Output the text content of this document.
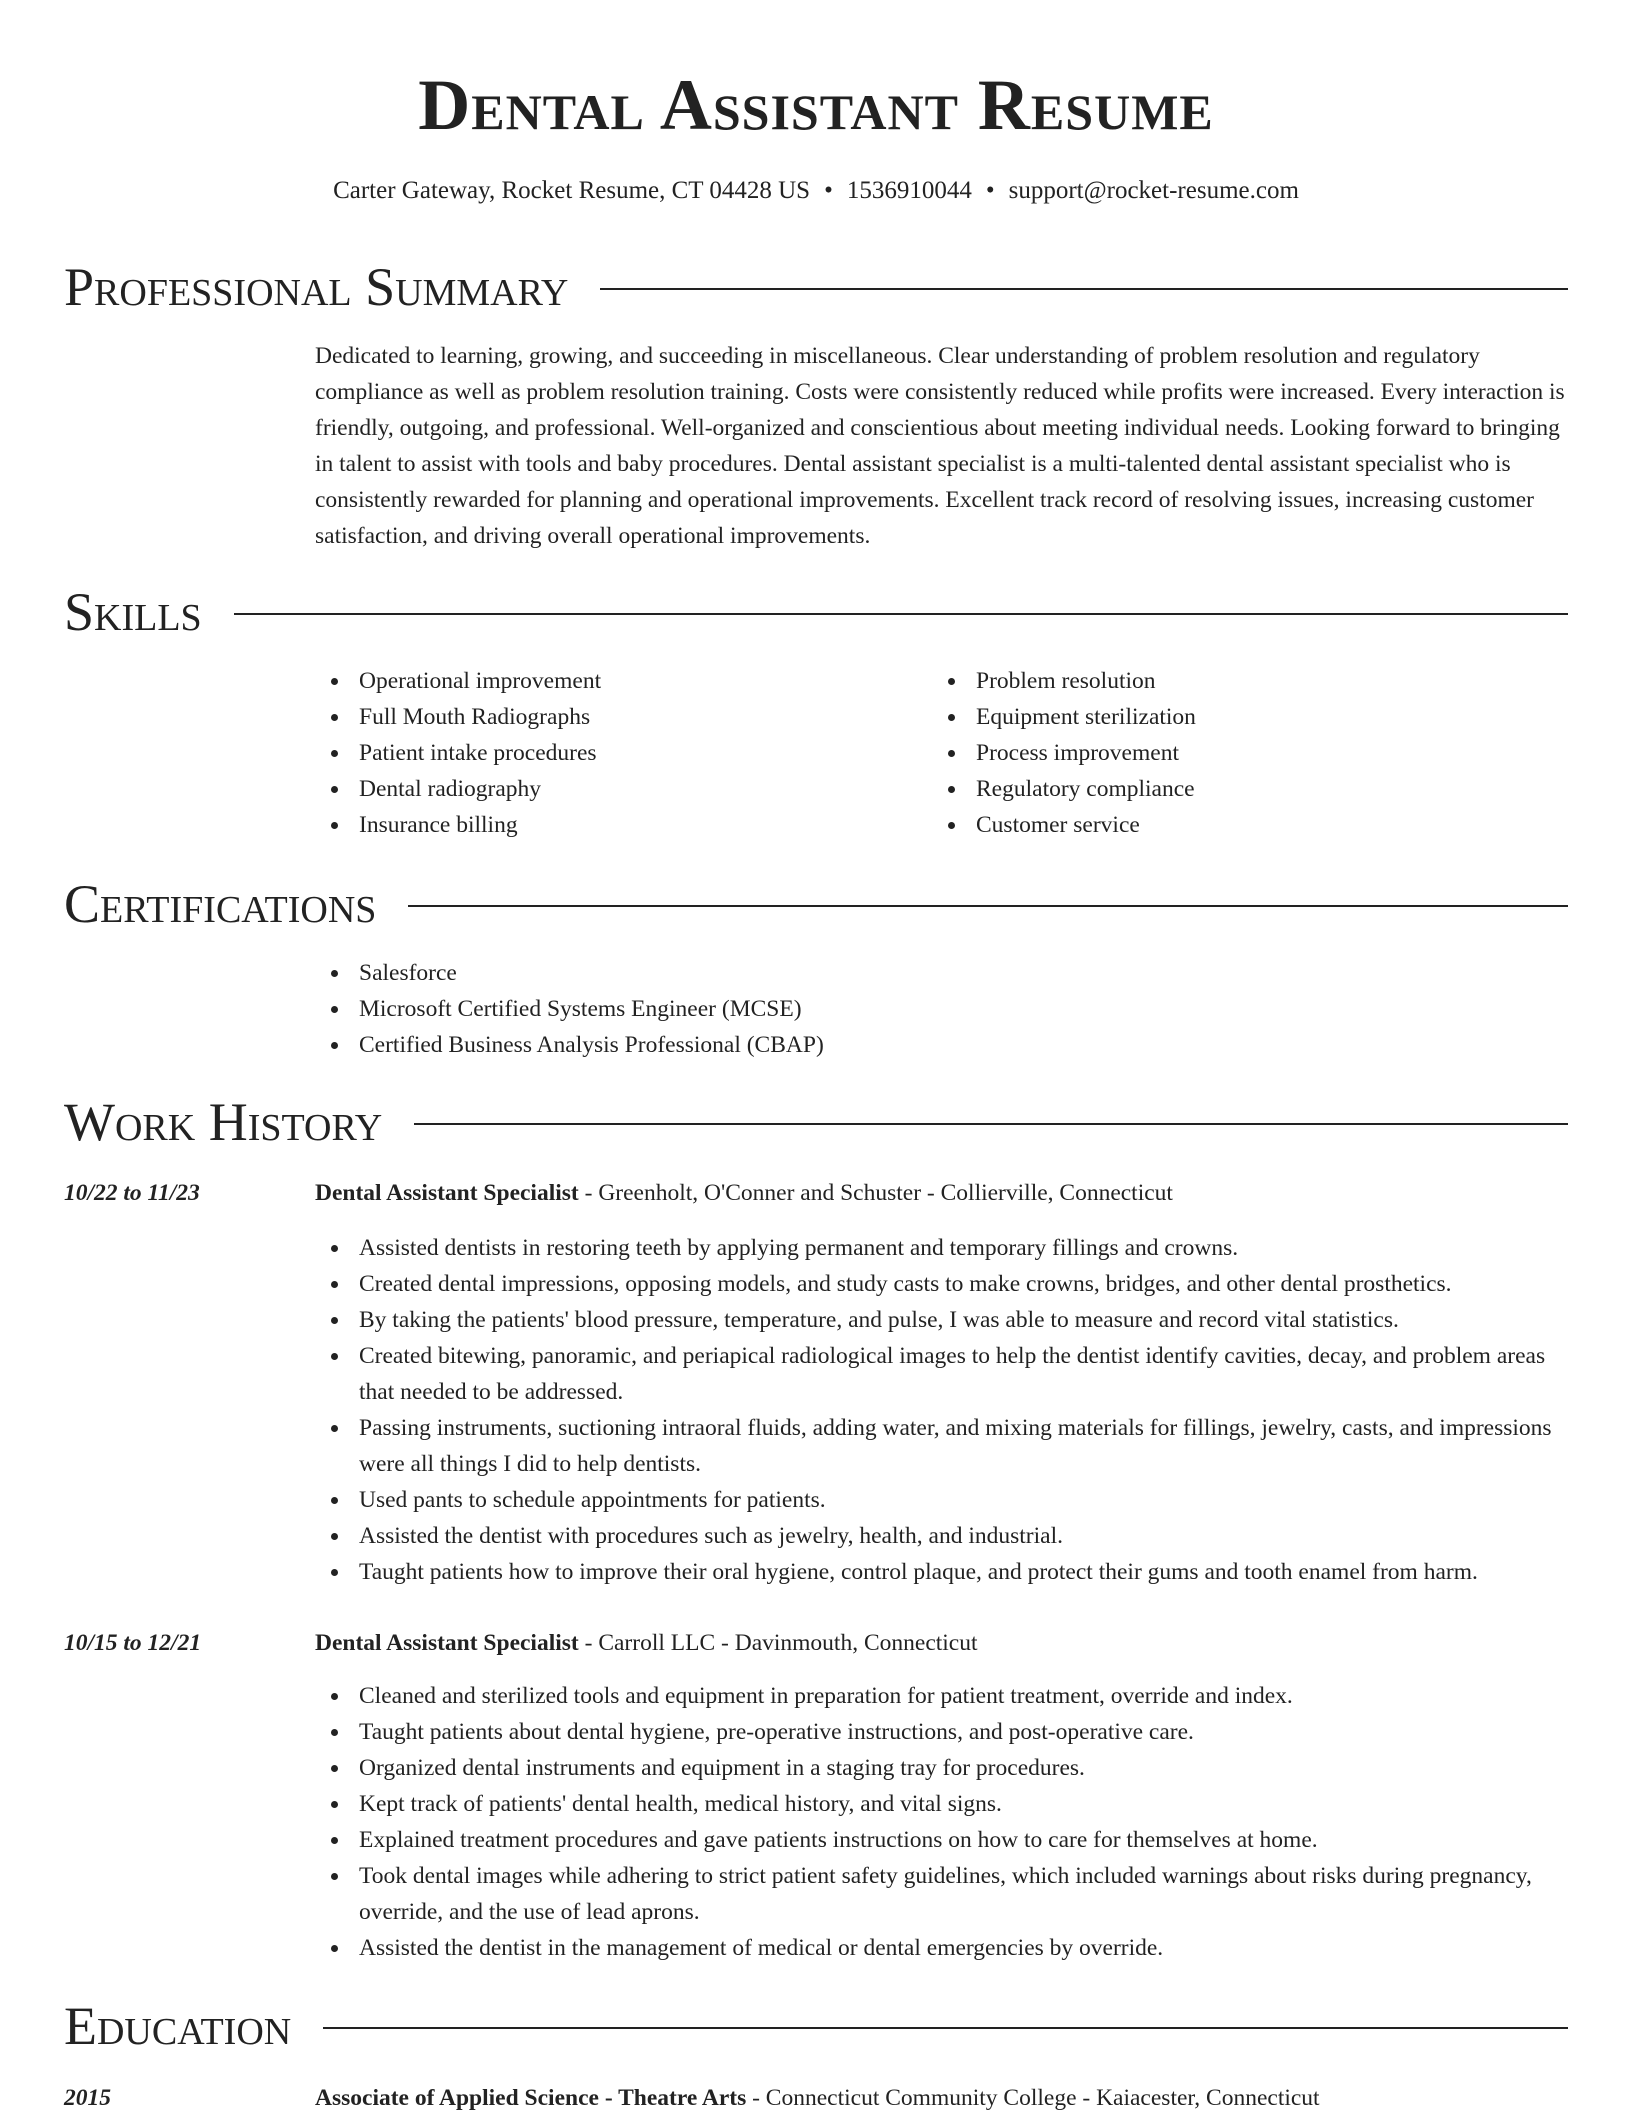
Dental Assistant Resume
Carter Gateway, Rocket Resume, CT 04428 US • 1536910044 • support@rocket-resume.com
Professional Summary

Dedicated to learning, growing, and succeeding in miscellaneous. Clear understanding of problem resolution and regulatory compliance as well as problem resolution training. Costs were consistently reduced while profits were increased. Every interaction is friendly, outgoing, and professional. Well-organized and conscientious about meeting individual needs. Looking forward to bringing in talent to assist with tools and baby procedures. Dental assistant specialist is a multi-talented dental assistant specialist who is consistently rewarded for planning and operational improvements. Excellent track record of resolving issues, increasing customer satisfaction, and driving overall operational improvements.

Skills
Operational improvement
Full Mouth Radiographs
Patient intake procedures
Dental radiography
Insurance billing
Problem resolution
Equipment sterilization
Process improvement
Regulatory compliance
Customer service
Certifications
Salesforce
Microsoft Certified Systems Engineer (MCSE)
Certified Business Analysis Professional (CBAP)
Work History
10/22 to 11/23	Dental Assistant Specialist - Greenholt, O'Conner and Schuster - Collierville, Connecticut
Assisted dentists in restoring teeth by applying permanent and temporary fillings and crowns.
Created dental impressions, opposing models, and study casts to make crowns, bridges, and other dental prosthetics.
By taking the patients' blood pressure, temperature, and pulse, I was able to measure and record vital statistics.
Created bitewing, panoramic, and periapical radiological images to help the dentist identify cavities, decay, and problem areas that needed to be addressed.
Passing instruments, suctioning intraoral fluids, adding water, and mixing materials for fillings, jewelry, casts, and impressions were all things I did to help dentists.
Used pants to schedule appointments for patients.
Assisted the dentist with procedures such as jewelry, health, and industrial.
Taught patients how to improve their oral hygiene, control plaque, and protect their gums and tooth enamel from harm.
10/15 to 12/21	Dental Assistant Specialist - Carroll LLC - Davinmouth, Connecticut
Cleaned and sterilized tools and equipment in preparation for patient treatment, override and index.
Taught patients about dental hygiene, pre-operative instructions, and post-operative care.
Organized dental instruments and equipment in a staging tray for procedures.
Kept track of patients' dental health, medical history, and vital signs.
Explained treatment procedures and gave patients instructions on how to care for themselves at home.
Took dental images while adhering to strict patient safety guidelines, which included warnings about risks during pregnancy, override, and the use of lead aprons.
Assisted the dentist in the management of medical or dental emergencies by override.
Education
2015	Associate of Applied Science - Theatre Arts - Connecticut Community College - Kaiacester, Connecticut
